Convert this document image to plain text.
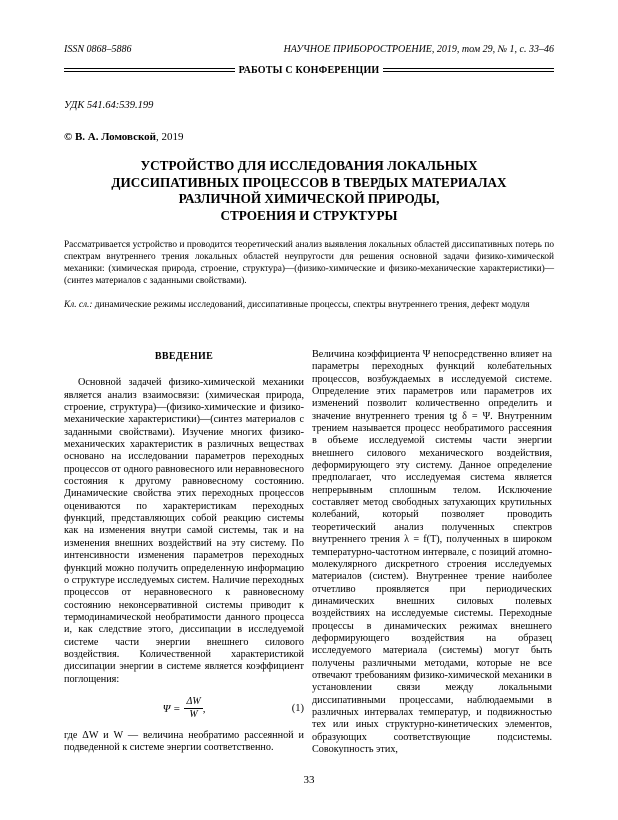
ISSN 0868–5886	НАУЧНОЕ ПРИБОРОСТРОЕНИЕ, 2019, том 29, № 1, с. 33–46
РАБОТЫ С КОНФЕРЕНЦИИ
УДК 541.64:539.199
© В. А. Ломовской, 2019
УСТРОЙСТВО ДЛЯ ИССЛЕДОВАНИЯ ЛОКАЛЬНЫХ
ДИССИПАТИВНЫХ ПРОЦЕССОВ В ТВЕРДЫХ МАТЕРИАЛАХ
РАЗЛИЧНОЙ ХИМИЧЕСКОЙ ПРИРОДЫ,
СТРОЕНИЯ И СТРУКТУРЫ
Рассматривается устройство и проводится теоретический анализ выявления локальных областей диссипативных потерь по спектрам внутреннего трения локальных областей неупругости для решения основной задачи физико-химической механики: (химическая природа, строение, структура)—(физико-химические и физико-механические характеристики)—(синтез материалов с заданными свойствами).
Кл. сл.: динамические режимы исследований, диссипативные процессы, спектры внутреннего трения, дефект модуля
ВВЕДЕНИЕ

Основной задачей физико-химической механики является анализ взаимосвязи: (химическая природа, строение, структура)—(физико-химические и физико-механические характеристики)—(синтез материалов с заданными свойствами). Изучение многих физико-механических характеристик в различных веществах основано на исследовании параметров переходных процессов от одного равновесного или неравновесного состояния к другому равновесному состоянию. Динамические свойства этих переходных процессов оцениваются по характеристикам переходных функций, представляющих собой реакцию системы как на изменения внутри самой системы, так и на изменения внешних воздействий на эту систему. По интенсивности изменения параметров переходных функций можно получить определенную информацию о структуре исследуемых систем. Наличие переходных процессов от неравновесного к равновесному состоянию неконсервативной системы приводит к термодинамической необратимости данного процесса и, как следствие этого, диссипации в исследуемой системе части энергии внешнего силового воздействия. Количественной характеристикой диссипации энергии в системе является коэффициент поглощения:

$\Psi = \frac{\Delta W}{W}$ ,	(1)

где ΔW и W — величина необратимо рассеянной и подведенной к системе энергии соответственно.

Величина коэффициента Ψ непосредственно влияет на параметры переходных функций колебательных процессов, возбуждаемых в исследуемой системе. Определение этих параметров или параметров их изменений позволит количественно определить и значение внутреннего трения tg δ = Ψ. Внутренним трением называется процесс необратимого рассеяния в объеме исследуемой системы части энергии внешнего силового механического воздействия, деформирующего эту систему. Данное определение предполагает, что исследуемая система является непрерывным сплошным телом. Исключение составляет метод свободных затухающих крутильных колебаний, который позволяет проводить теоретический анализ полученных спектров внутреннего трения λ = f(T), полученных в широком температурно-частотном интервале, с позиций атомно-молекулярного дискретного строения исследуемых материалов (систем). Внутреннее трение наиболее отчетливо проявляется при периодических динамических внешних силовых полевых воздействиях на исследуемые системы. Переходные процессы в динамических режимах внешнего деформирующего воздействия на образец исследуемого материала (системы) могут быть получены различными методами, которые не все отвечают требованиям физико-химической механики в установлении связи между локальными диссипативными процессами, наблюдаемыми в различных интервалах температур, и подвижностью тех или иных структурно-кинетических элементов, образующих соответствующие подсистемы. Совокупность этих,

33
